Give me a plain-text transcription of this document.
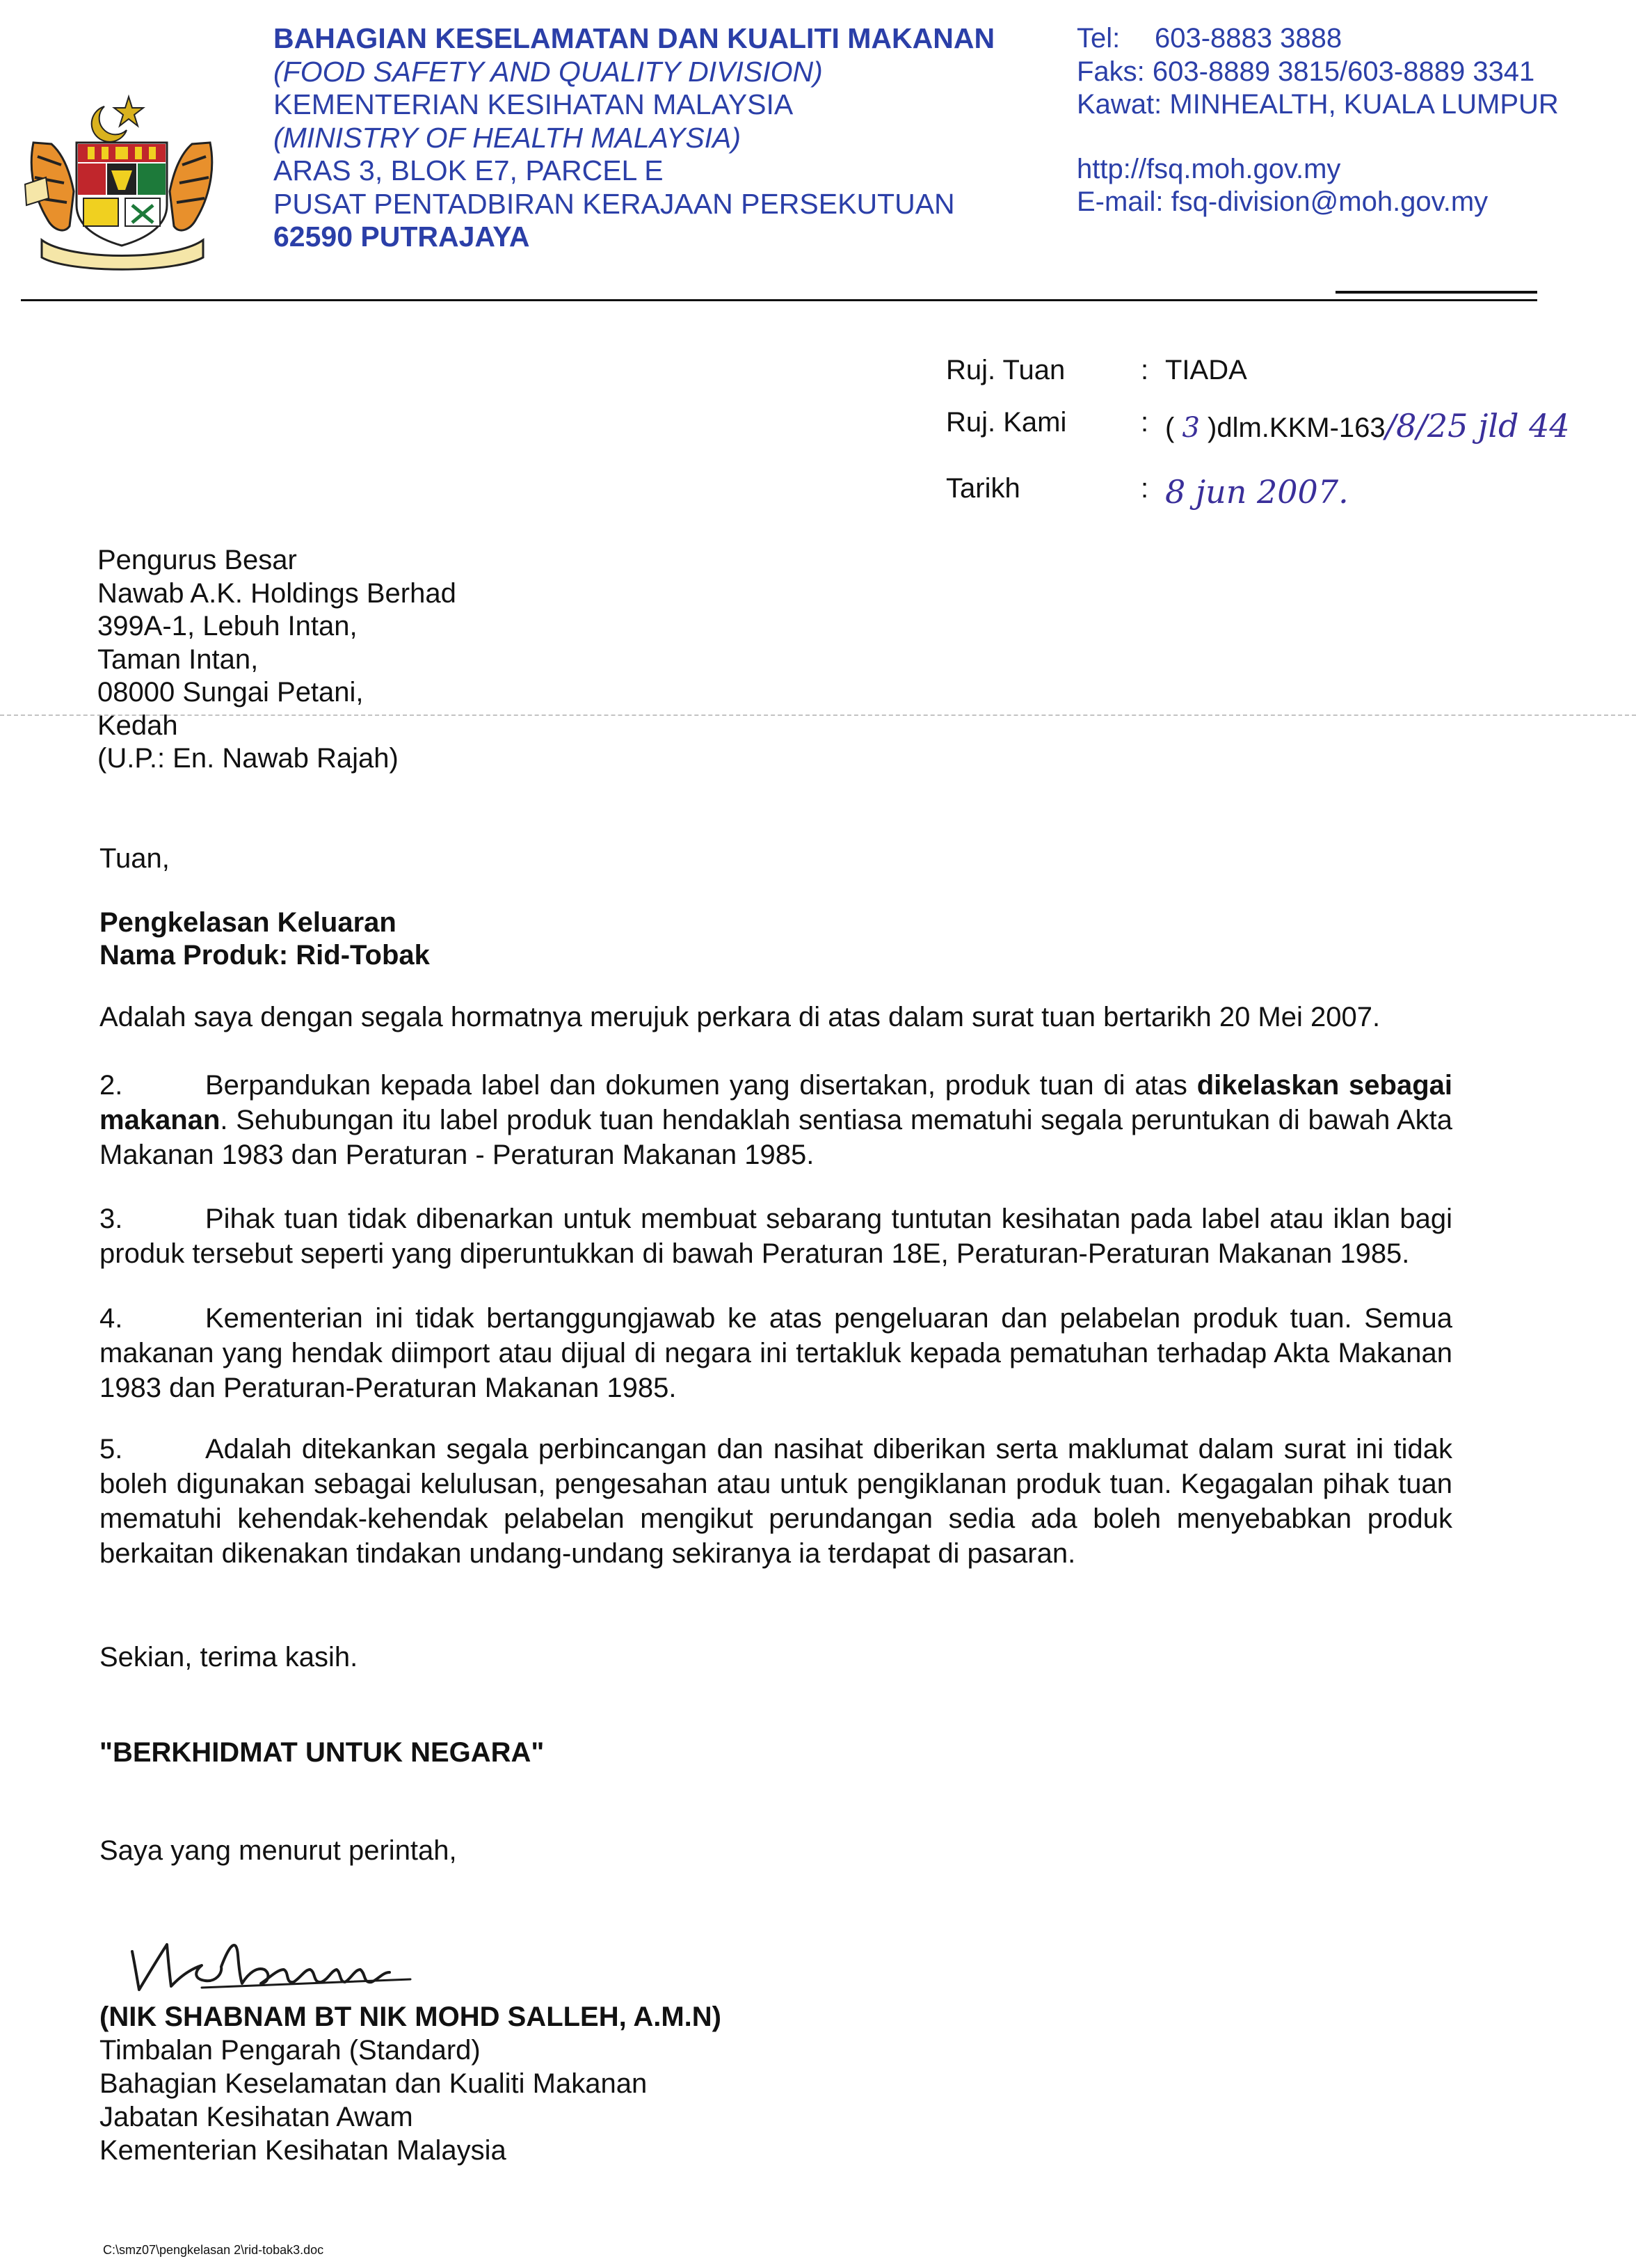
BAHAGIAN KESELAMATAN DAN KUALITI MAKANAN
(FOOD SAFETY AND QUALITY DIVISION)
KEMENTERIAN KESIHATAN MALAYSIA
(MINISTRY OF HEALTH MALAYSIA)
ARAS 3, BLOK E7, PARCEL E
PUSAT PENTADBIRAN KERAJAAN PERSEKUTUAN
62590 PUTRAJAYA
Tel: 603-8883 3888
Faks: 603-8889 3815/603-8889 3341
Kawat: MINHEALTH, KUALA LUMPUR
http://fsq.moh.gov.my
E-mail: fsq-division@moh.gov.my
Ruj. Tuan	: TIADA
Ruj. Kami	: ( 3 )dlm.KKM-163/8/25 jld 44
Tarikh	: 8 jun 2007.
Pengurus Besar
Nawab A.K. Holdings Berhad
399A-1, Lebuh Intan,
Taman Intan,
08000 Sungai Petani,
Kedah
(U.P.: En. Nawab Rajah)
Tuan,
Pengkelasan Keluaran
Nama Produk: Rid-Tobak
Adalah saya dengan segala hormatnya merujuk perkara di atas dalam surat tuan bertarikh 20 Mei 2007.
2.	Berpandukan kepada label dan dokumen yang disertakan, produk tuan di atas dikelaskan sebagai makanan. Sehubungan itu label produk tuan hendaklah sentiasa mematuhi segala peruntukan di bawah Akta Makanan 1983 dan Peraturan - Peraturan Makanan 1985.
3.	Pihak tuan tidak dibenarkan untuk membuat sebarang tuntutan kesihatan pada label atau iklan bagi produk tersebut seperti yang diperuntukkan di bawah Peraturan 18E, Peraturan-Peraturan Makanan 1985.
4.	Kementerian ini tidak bertanggungjawab ke atas pengeluaran dan pelabelan produk tuan. Semua makanan yang hendak diimport atau dijual di negara ini tertakluk kepada pematuhan terhadap Akta Makanan 1983 dan Peraturan-Peraturan Makanan 1985.
5.	Adalah ditekankan segala perbincangan dan nasihat diberikan serta maklumat dalam surat ini tidak boleh digunakan sebagai kelulusan, pengesahan atau untuk pengiklanan produk tuan. Kegagalan pihak tuan mematuhi kehendak-kehendak pelabelan mengikut perundangan sedia ada boleh menyebabkan produk berkaitan dikenakan tindakan undang-undang sekiranya ia terdapat di pasaran.
Sekian, terima kasih.
"BERKHIDMAT UNTUK NEGARA"
Saya yang menurut perintah,
(NIK SHABNAM BT NIK MOHD SALLEH, A.M.N)
Timbalan Pengarah (Standard)
Bahagian Keselamatan dan Kualiti Makanan
Jabatan Kesihatan Awam
Kementerian Kesihatan Malaysia
C:\smz07\pengkelasan 2\rid-tobak3.doc
